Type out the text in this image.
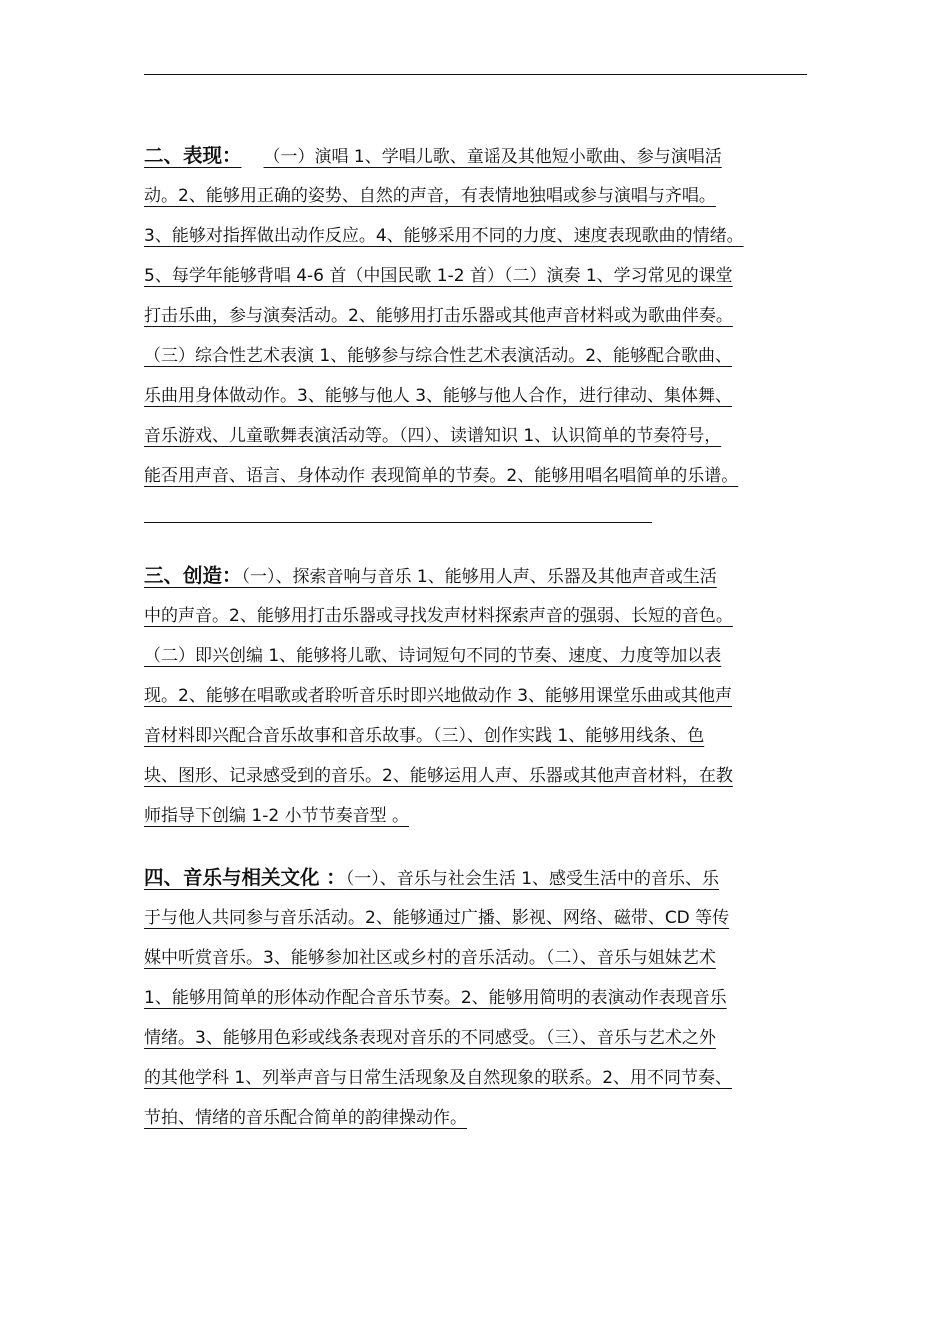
二、表现： （一）演唱 1、学唱儿歌、童谣及其他短小歌曲、参与演唱活
动。2、能够用正确的姿势、自然的声音，有表情地独唱或参与演唱与齐唱。
3、能够对指挥做出动作反应。4、能够采用不同的力度、速度表现歌曲的情绪。
5、每学年能够背唱 4-6 首（中国民歌 1-2 首）（二）演奏 1、学习常见的课堂
打击乐曲，参与演奏活动。2、能够用打击乐器或其他声音材料或为歌曲伴奏。
（三）综合性艺术表演 1、能够参与综合性艺术表演活动。2、能够配合歌曲、
乐曲用身体做动作。3、能够与他人 3、能够与他人合作，进行律动、集体舞、
音乐游戏、儿童歌舞表演活动等。（四）、读谱知识 1、认识简单的节奏符号，
能否用声音、语言、身体动作 表现简单的节奏。2、能够用唱名唱简单的乐谱。
三、创造：（一）、探索音响与音乐 1、能够用人声、乐器及其他声音或生活
中的声音。2、能够用打击乐器或寻找发声材料探索声音的强弱、长短的音色。
（二）即兴创编 1、能够将儿歌、诗词短句不同的节奏、速度、力度等加以表
现。2、能够在唱歌或者聆听音乐时即兴地做动作 3、能够用课堂乐曲或其他声
音材料即兴配合音乐故事和音乐故事。（三）、创作实践 1、能够用线条、色
块、图形、记录感受到的音乐。2、能够运用人声、乐器或其他声音材料，在教
师指导下创编 1-2 小节节奏音型 。
四、音乐与相关文化 ：（一）、音乐与社会生活 1、感受生活中的音乐、乐
于与他人共同参与音乐活动。2、能够通过广播、影视、网络、磁带、CD 等传
媒中听赏音乐。3、能够参加社区或乡村的音乐活动。（二）、音乐与姐妹艺术
1、能够用简单的形体动作配合音乐节奏。2、能够用简明的表演动作表现音乐
情绪。3、能够用色彩或线条表现对音乐的不同感受。（三）、音乐与艺术之外
的其他学科 1、列举声音与日常生活现象及自然现象的联系。2、用不同节奏、
节拍、情绪的音乐配合简单的韵律操动作。
